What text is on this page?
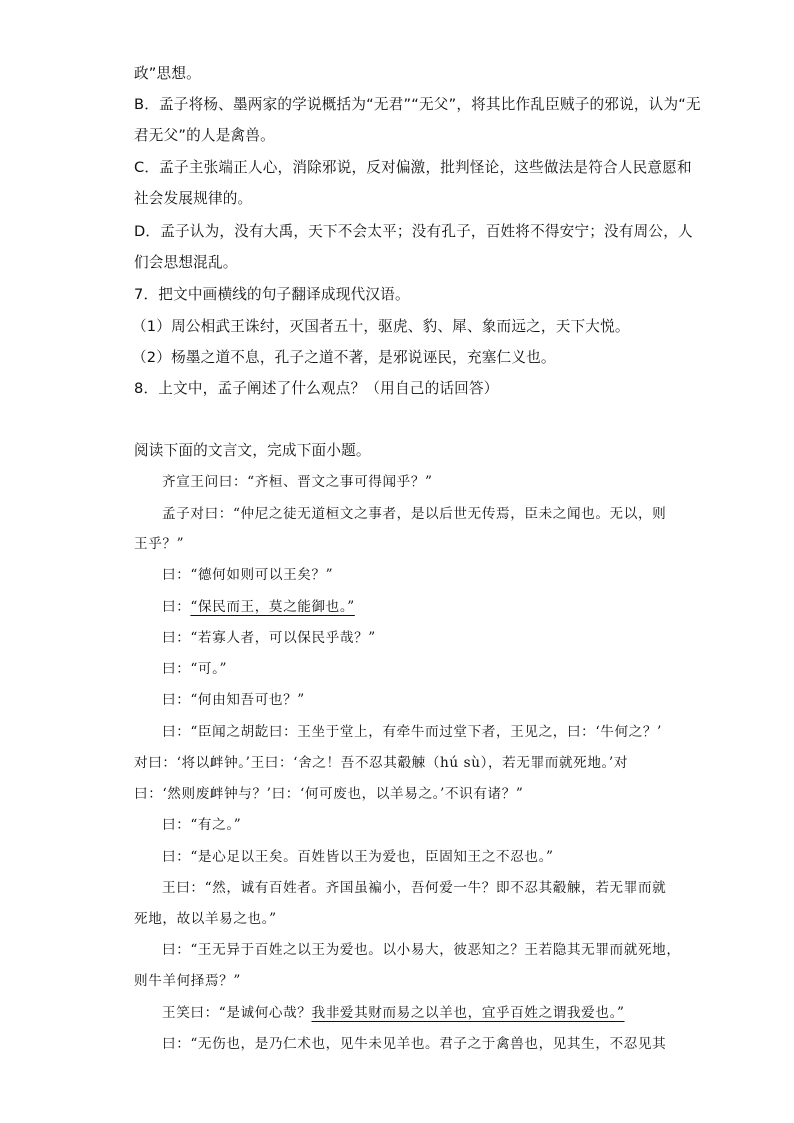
政”思想。
B．孟子将杨、墨两家的学说概括为“无君”“无父”，将其比作乱臣贼子的邪说，认为“无
君无父”的人是禽兽。
C．孟子主张端正人心，消除邪说，反对偏激，批判怪论，这些做法是符合人民意愿和
社会发展规律的。
D．孟子认为，没有大禹，天下不会太平；没有孔子，百姓将不得安宁；没有周公，人
们会思想混乱。
7．把文中画横线的句子翻译成现代汉语。
（1）周公相武王诛纣，灭国者五十，驱虎、豹、犀、象而远之，天下大悦。
（2）杨墨之道不息，孔子之道不著，是邪说诬民，充塞仁义也。
8．上文中，孟子阐述了什么观点？（用自己的话回答）
阅读下面的文言文，完成下面小题。
齐宣王问曰：“齐桓、晋文之事可得闻乎？”
孟子对曰：“仲尼之徒无道桓文之事者，是以后世无传焉，臣未之闻也。无以，则
王乎？”
曰：“德何如则可以王矣？”
曰：“保民而王，莫之能御也。”
曰：“若寡人者，可以保民乎哉？”
曰：“可。”
曰：“何由知吾可也？”
曰：“臣闻之胡龁曰：王坐于堂上，有牵牛而过堂下者，王见之，曰：‘牛何之？’
对曰：‘将以衅钟。’王曰：‘舍之！吾不忍其觳觫（hú sù），若无罪而就死地。’对
曰：‘然则废衅钟与？’曰：‘何可废也，以羊易之。’不识有诸？”
曰：“有之。”
曰：“是心足以王矣。百姓皆以王为爱也，臣固知王之不忍也。”
王曰：“然，诚有百姓者。齐国虽褊小，吾何爱一牛？即不忍其觳觫，若无罪而就
死地，故以羊易之也。”
曰：“王无异于百姓之以王为爱也。以小易大，彼恶知之？王若隐其无罪而就死地，
则牛羊何择焉？”
王笑曰：“是诚何心哉？我非爱其财而易之以羊也，宜乎百姓之谓我爱也。”
曰：“无伤也，是乃仁术也，见牛未见羊也。君子之于禽兽也，见其生，不忍见其
